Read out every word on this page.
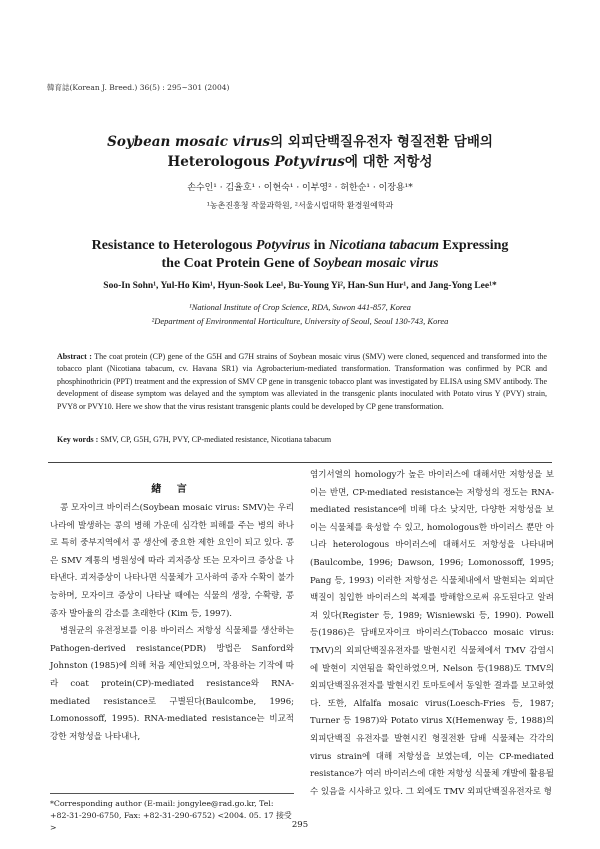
韓育誌(Korean J. Breed.) 36(5) : 295~301 (2004)
Soybean mosaic virus의 외피단백질유전자 형질전환 담배의
Heterologous Potyvirus에 대한 저항성
손수인¹ · 김율호¹ · 이현숙¹ · 이부영² · 허한순¹ · 이장용¹*
¹농촌진흥청 작물과학원, ²서울시립대학 환경원예학과
Resistance to Heterologous Potyvirus in Nicotiana tabacum Expressing
the Coat Protein Gene of Soybean mosaic virus
Soo-In Sohn¹, Yul-Ho Kim¹, Hyun-Sook Lee¹, Bu-Young Yi², Han-Sun Hur¹, and Jang-Yong Lee¹*
¹National Institute of Crop Science, RDA, Suwon 441-857, Korea
²Department of Environmental Horticulture, University of Seoul, Seoul 130-743, Korea
Abstract : The coat protein (CP) gene of the G5H and G7H strains of Soybean mosaic virus (SMV) were cloned, sequenced and transformed into the tobacco plant (Nicotiana tabacum, cv. Havana SR1) via Agrobacterium-mediated transformation. Transformation was confirmed by PCR and phosphinothricin (PPT) treatment and the expression of SMV CP gene in transgenic tobacco plant was investigated by ELISA using SMV antibody. The development of disease symptom was delayed and the symptom was alleviated in the transgenic plants inoculated with Potato virus Y (PVY) strain, PVY8 or PVY10. Here we show that the virus resistant transgenic plants could be developed by CP gene transformation.
Key words : SMV, CP, G5H, G7H, PVY, CP-mediated resistance, Nicotiana tabacum
緖 言

콩 모자이크 바이러스(Soybean mosaic virus: SMV)는 우리나라에 발생하는 콩의 병해 가운데 심각한 피해를 주는 병의 하나로 특히 중부지역에서 콩 생산에 중요한 제한 요인이 되고 있다. 콩은 SMV 계통의 병원성에 따라 괴저증상 또는 모자이크 증상을 나타낸다. 괴저증상이 나타나면 식물체가 고사하여 종자 수확이 불가능하며, 모자이크 증상이 나타날 때에는 식물의 생장, 수확량, 콩 종자 발아율의 감소를 초래한다 (Kim 등, 1997).

병원균의 유전정보를 이용 바이러스 저항성 식물체를 생산하는 Pathogen-derived resistance(PDR) 방법은 Sanford와 Johnston (1985)에 의해 처음 제안되었으며, 작용하는 기작에 따라 coat protein(CP)-mediated resistance와 RNA-mediated resistance로 구별된다(Baulcombe, 1996; Lomonossoff, 1995). RNA-mediated resistance는 비교적 강한 저항성을 나타내나,

염기서열의 homology가 높은 바이러스에 대해서만 저항성을 보이는 반면, CP-mediated resistance는 저항성의 정도는 RNA-mediated resistance에 비해 다소 낮지만, 다양한 저항성을 보이는 식물체를 육성할 수 있고, homologous한 바이러스 뿐만 아니라 heterologous 바이러스에 대해서도 저항성을 나타내며 (Baulcombe, 1996; Dawson, 1996; Lomonossoff, 1995; Pang 등, 1993) 이러한 저항성은 식물체내에서 발현되는 외피단백질이 침입한 바이러스의 복제를 방해함으로써 유도된다고 알려져 있다(Register 등, 1989; Wisniewski 등, 1990). Powell 등(1986)은 담배모자이크 바이러스(Tobacco mosaic virus: TMV)의 외피단백질유전자를 발현시킨 식물체에서 TMV 감염시에 발현이 지연됨을 확인하였으며, Nelson 등(1988)도 TMV의 외피단백질유전자를 발현시킨 토마토에서 동일한 결과를 보고하였다. 또한, Alfalfa mosaic virus(Loesch-Fries 등, 1987; Turner 등 1987)와 Potato virus X(Hemenway 등, 1988)의 외피단백질 유전자를 발현시킨 형질전환 담배 식물체는 각각의 virus strain에 대해 저항성을 보였는데, 이는 CP-mediated resistance가 여러 바이러스에 대한 저항성 식물체 개발에 활용될 수 있음을 시사하고 있다. 그 외에도 TMV 외피단백질유전자로 형

*Corresponding author (E-mail: jongylee@rad.go.kr, Tel: +82-31-290-6750, Fax: +82-31-290-6752) <2004. 05. 17 接受 >	295
